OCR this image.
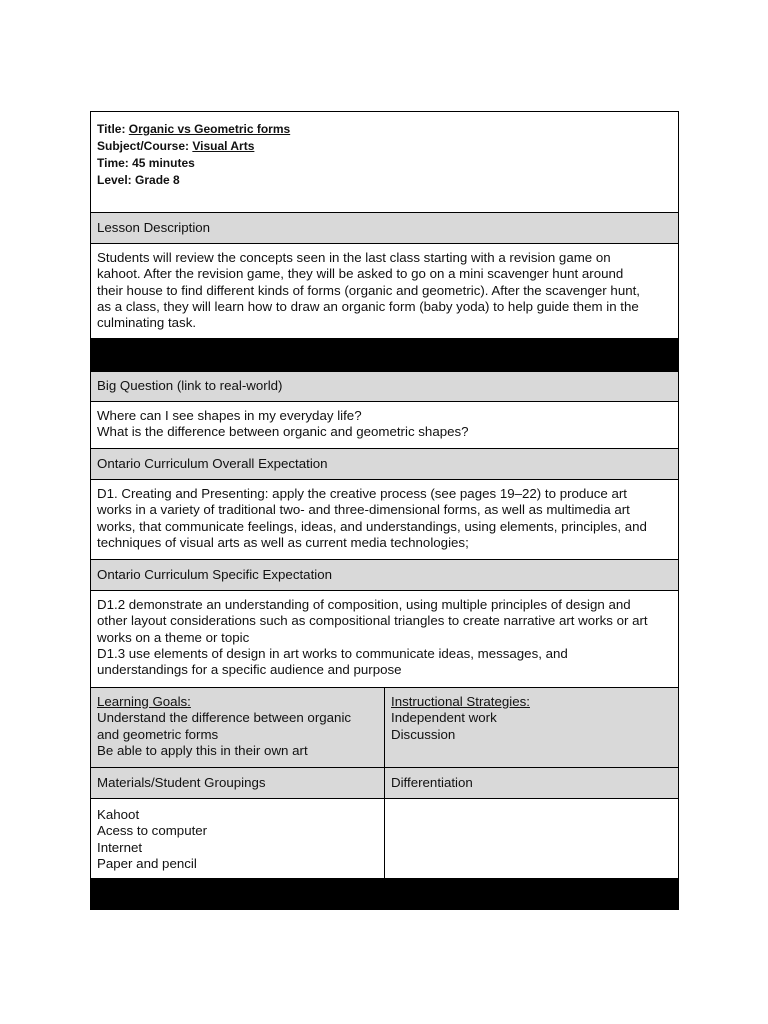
Title: Organic vs Geometric forms
Subject/Course: Visual Arts
Time: 45 minutes
Level: Grade 8
Lesson Description
Students will review the concepts seen in the last class starting with a revision game on
kahoot. After the revision game, they will be asked to go on a mini scavenger hunt around
their house to find different kinds of forms (organic and geometric). After the scavenger hunt,
as a class, they will learn how to draw an organic form (baby yoda) to help guide them in the
culminating task.
Big Question (link to real-world)
Where can I see shapes in my everyday life?
What is the difference between organic and geometric shapes?
Ontario Curriculum Overall Expectation
D1. Creating and Presenting: apply the creative process (see pages 19–22) to produce art
works in a variety of traditional two- and three-dimensional forms, as well as multimedia art
works, that communicate feelings, ideas, and understandings, using elements, principles, and
techniques of visual arts as well as current media technologies;
Ontario Curriculum Specific Expectation
D1.2 demonstrate an understanding of composition, using multiple principles of design and
other layout considerations such as compositional triangles to create narrative art works or art
works on a theme or topic
D1.3 use elements of design in art works to communicate ideas, messages, and
understandings for a specific audience and purpose
Learning Goals:
Understand the difference between organic
and geometric forms
Be able to apply this in their own art
Instructional Strategies:
Independent work
Discussion
Materials/Student Groupings	Differentiation
Kahoot
Acess to computer
Internet
Paper and pencil
